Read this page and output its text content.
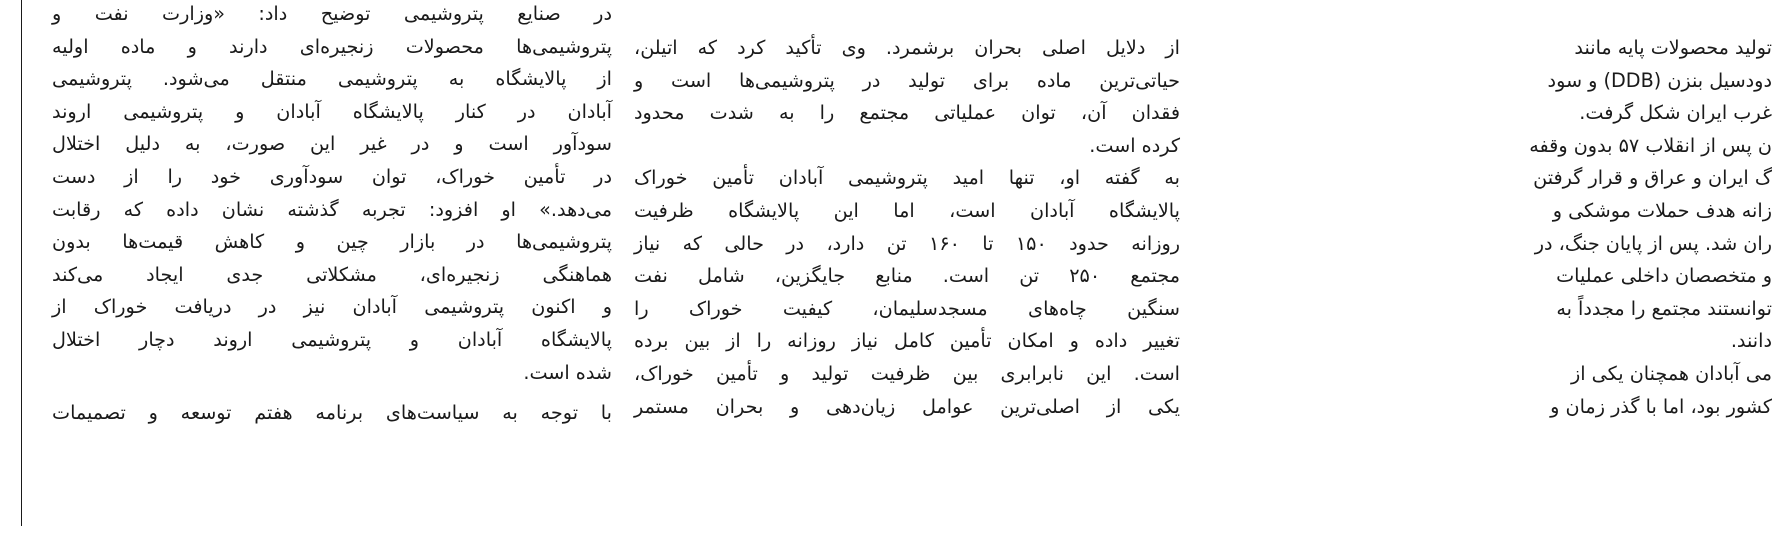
در صنایع پتروشیمی توضیح داد: «وزارت نفت و
پتروشیمی‌ها محصولات زنجیره‌ای دارند و ماده اولیه
از پالایشگاه به پتروشیمی منتقل می‌شود. پتروشیمی
آبادان در کنار پالایشگاه آبادان و پتروشیمی اروند
سودآور است و در غیر این صورت، به دلیل اختلال
در تأمین خوراک، توان سودآوری خود را از دست
می‌دهد.» او افزود: تجربه گذشته نشان داده که رقابت
پتروشیمی‌ها در بازار چین و کاهش قیمت‌ها بدون
هماهنگی زنجیره‌ای، مشکلاتی جدی ایجاد می‌کند
و اکنون پتروشیمی آبادان نیز در دریافت خوراک از
پالایشگاه آبادان و پتروشیمی اروند دچار اختلال
شده است.
با توجه به سیاست‌های برنامه هفتم توسعه و تصمیمات
از دلایل اصلی بحران برشمرد. وی تأکید کرد که اتیلن،
حیاتی‌ترین ماده برای تولید در پتروشیمی‌ها است و
فقدان آن، توان عملیاتی مجتمع را به شدت محدود
کرده است.
به گفته او، تنها امید پتروشیمی آبادان تأمین خوراک
پالایشگاه آبادان است، اما این پالایشگاه ظرفیت
روزانه حدود ۱۵۰ تا ۱۶۰ تن دارد، در حالی که نیاز
مجتمع ۲۵۰ تن است. منابع جایگزین، شامل نفت
سنگین چاه‌های مسجدسلیمان، کیفیت خوراک را
تغییر داده و امکان تأمین کامل نیاز روزانه را از بین برده
است. این نابرابری بین ظرفیت تولید و تأمین خوراک،
یکی از اصلی‌ترین عوامل زیان‌دهی و بحران مستمر
تولید محصولات پایه مانند
دودسیل بنزن (DDB) و سود
غرب ایران شکل گرفت.
ن پس از انقلاب ۵۷ بدون وقفه
گ ایران و عراق و قرار گرفتن
زانه هدف حملات موشکی و
ران شد. پس از پایان جنگ، در
و متخصصان داخلی عملیات
توانستند مجتمع را مجدداً به
دانند.
می آبادان همچنان یکی از
کشور بود، اما با گذر زمان و
